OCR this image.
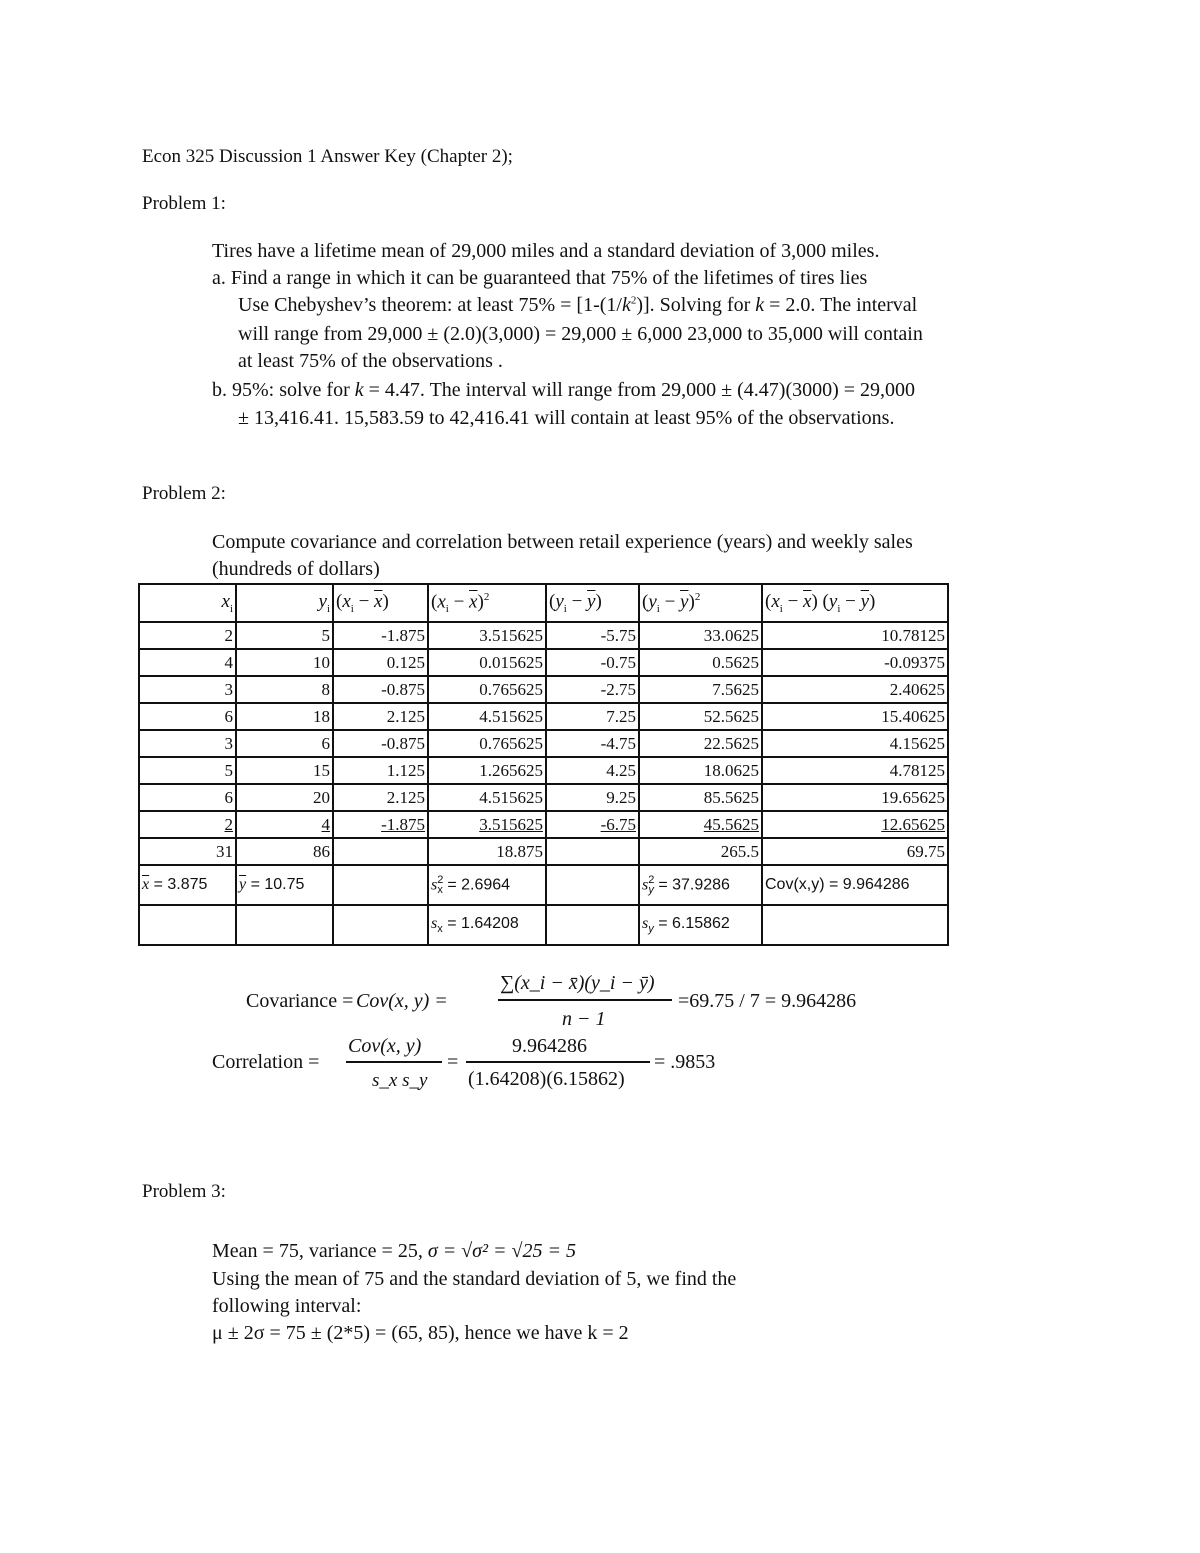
Econ 325 Discussion 1 Answer Key (Chapter 2);
Problem 1:
Tires have a lifetime mean of 29,000 miles and a standard deviation of 3,000 miles.
a. Find a range in which it can be guaranteed that 75% of the lifetimes of tires lies
Use Chebyshev’s theorem: at least $75\% = [1-(1/k^2)]$. Solving for k = 2.0. The interval
will range from 29,000 ± (2.0)(3,000) = 29,000 ± 6,000 23,000 to 35,000 will contain
at least 75% of the observations .
b. 95%: solve for k = 4.47. The interval will range from 29,000 ± (4.47)(3000) = 29,000
± 13,416.41. 15,583.59 to 42,416.41 will contain at least 95% of the observations.
Problem 2:
Compute covariance and correlation between retail experience (years) and weekly sales
(hundreds of dollars)
$x_i$	$y_i$	$(x_i - \overline{x})$	$(x_i - \overline{x})^2$	$(y_i - \overline{y})$	$(y_i - \overline{y})^2$	$(x_i - \overline{x}) (y_i - \overline{y})$
2	5	-1.875	3.515625	-5.75	33.0625	10.78125
4	10	0.125	0.015625	-0.75	0.5625	-0.09375
3	8	-0.875	0.765625	-2.75	7.5625	2.40625
6	18	2.125	4.515625	7.25	52.5625	15.40625
3	6	-0.875	0.765625	-4.75	22.5625	4.15625
5	15	1.125	1.265625	4.25	18.0625	4.78125
6	20	2.125	4.515625	9.25	85.5625	19.65625
2	4	-1.875	3.515625	-6.75	45.5625	12.65625
31	86		18.875		265.5	69.75
$\overline{x} = 3.875$	$\overline{y} = 10.75$		$s^2_x = 2.6964$		$s^2_y = 37.9286$	Cov(x,y) = 9.964286
			$s_x = 1.64208$		$s_y = 6.15862$	
Covariance = Cov(x, y) =
∑(x_i − x̄)(y_i − ȳ)
n − 1
=69.75 / 7 = 9.964286
Correlation =
Cov(x, y)
s_x s_y
=
9.964286
(1.64208)(6.15862)
= .9853
Problem 3:
Mean = 75, variance = 25, σ = √σ² = √25 = 5
Using the mean of 75 and the standard deviation of 5, we find the
following interval:
μ ± 2σ = 75 ± (2*5) = (65, 85), hence we have k = 2
